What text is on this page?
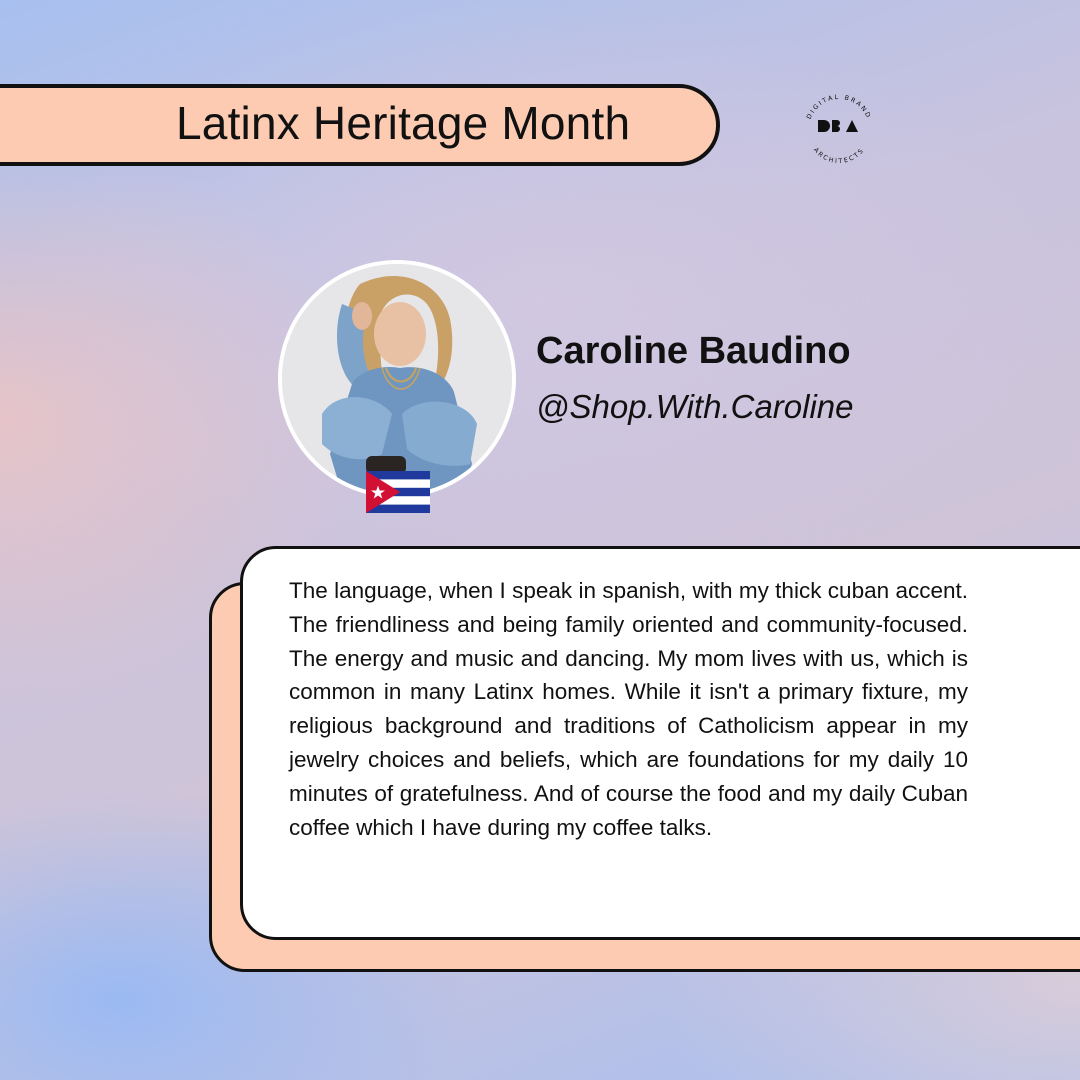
Latinx Heritage Month	DIGITAL BRAND
ARCHITECTS
Caroline Baudino
@Shop.With.Caroline

The language, when I speak in spanish, with my thick cuban accent. The friendliness and being family oriented and community-focused. The energy and music and dancing. My mom lives with us, which is common in many Latinx homes. While it isn't a primary fixture, my religious background and traditions of Catholicism appear in my jewelry choices and beliefs, which are foundations for my daily 10 minutes of gratefulness. And of course the food and my daily Cuban coffee which I have during my coffee talks.
